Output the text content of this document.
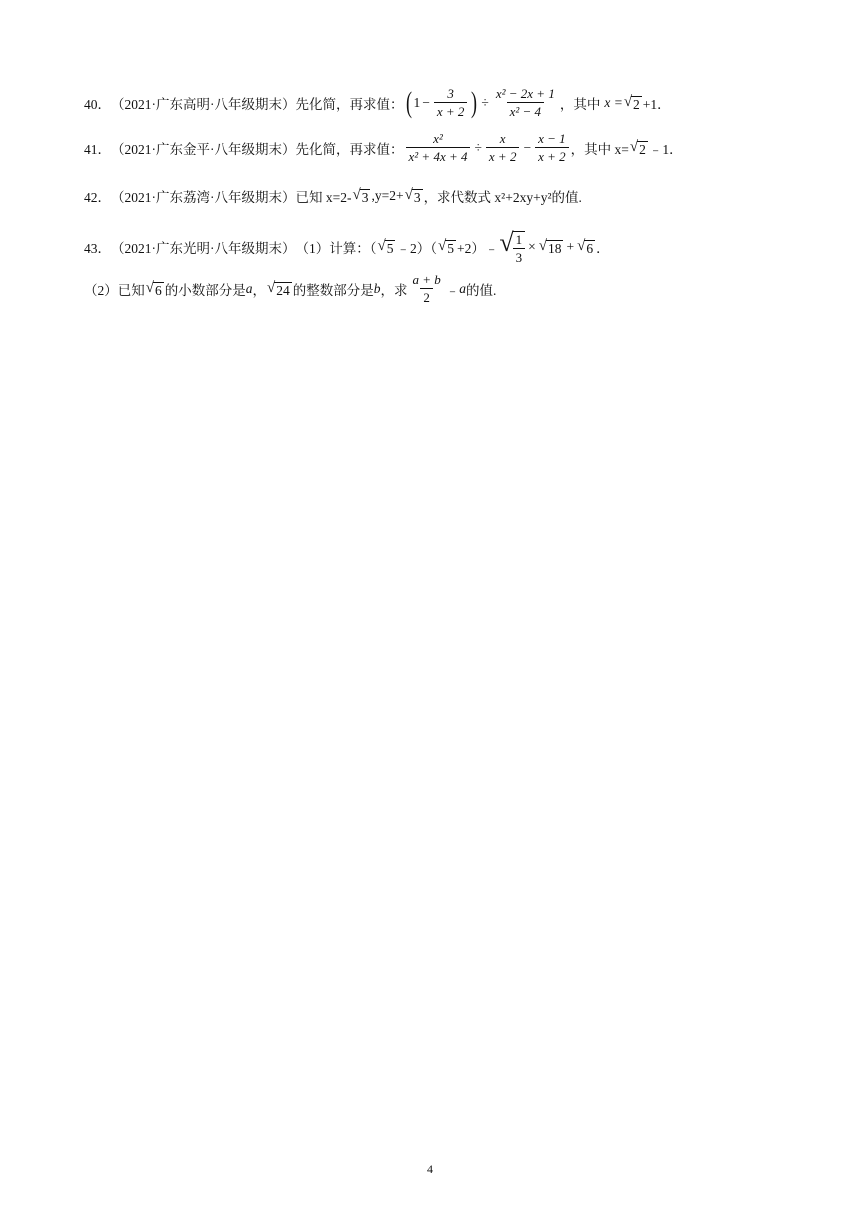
40． （2021·广东高明·八年级期末） 先化简，再求值： ( $1 - \frac{3}{x + 2}$ ) ÷ $\frac{\text{x² − 2x + 1}}{\text{x² − 4}}$ ，其中 x = √ 2 +1．
41． （2021·广东金平·八年级期末） 先化简，再求值： $\frac{\text{x²}}{\text{x² + 4x + 4}} \div \frac{x}{x + 2} - \frac{x - 1}{x + 2}$ ，其中 x= √ 2 ﹣1．
42． （2021·广东荔湾·八年级期末） 已知 x=2- √ 3 ,y=2+ √ 3 ，求代数式 x²+2xy+y²的值.
43． （2021·广东光明·八年级期末） （1）计算：（ √ 5 ﹣2）（ √ 5 +2）﹣ √ $\frac{1}{3}$ × √ 18 + √ 6 ．
（2）已知 √ 6 的小数部分是 a ， √ 24 的整数部分是 b ，求 $\frac{a + b}{2}$ ﹣ a 的值.
4
